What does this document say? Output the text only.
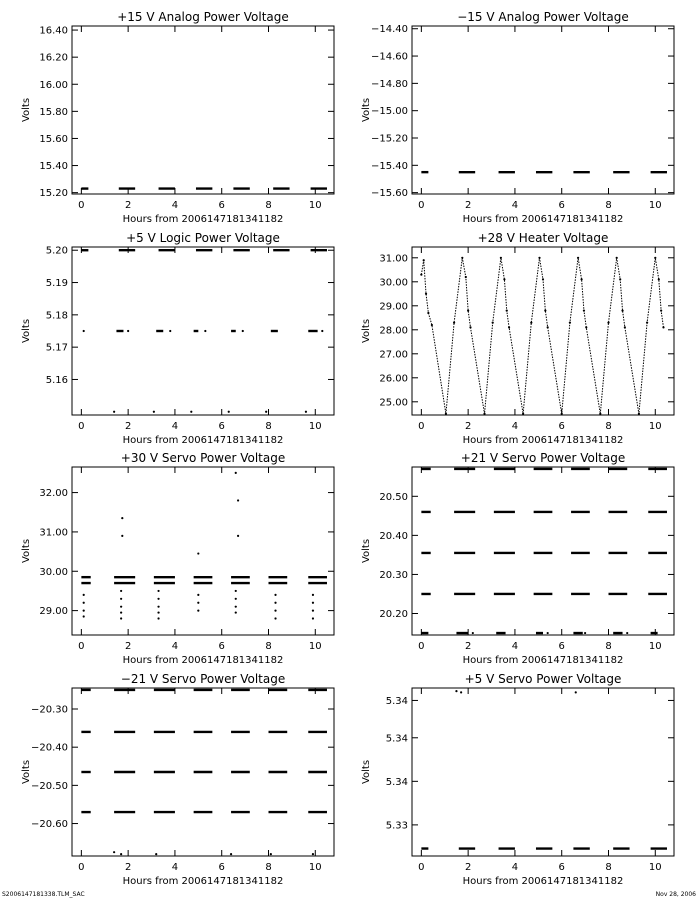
+15 V Analog Power Voltage
Hours from 2006147181341182
Volts
0	2	4	6	8	10
15.20
15.40
15.60
15.80
16.00
16.20
16.40
−15 V Analog Power Voltage
Hours from 2006147181341182
Volts
0	2	4	6	8	10
−14.40
−14.60
−14.80
−15.00
−15.20
−15.40
−15.60
+5 V Logic Power Voltage
Hours from 2006147181341182
Volts
0	2	4	6	8	10
5.16
5.17
5.18
5.19
5.20
+28 V Heater Voltage
Hours from 2006147181341182
Volts
0	2	4	6	8	10
25.00
26.00
27.00
28.00
29.00
30.00
31.00
+30 V Servo Power Voltage
Hours from 2006147181341182
Volts
0	2	4	6	8	10
29.00
30.00
31.00
32.00
+21 V Servo Power Voltage
Hours from 2006147181341182
Volts
0	2	4	6	8	10
20.20
20.30
20.40
20.50
−21 V Servo Power Voltage
Hours from 2006147181341182
Volts
0	2	4	6	8	10
−20.30
−20.40
−20.50
−20.60
+5 V Servo Power Voltage
Hours from 2006147181341182
Volts
0	2	4	6	8	10
5.33
5.34
5.34
5.34
S2006147181338.TLM_SAC	Nov 28, 2006
